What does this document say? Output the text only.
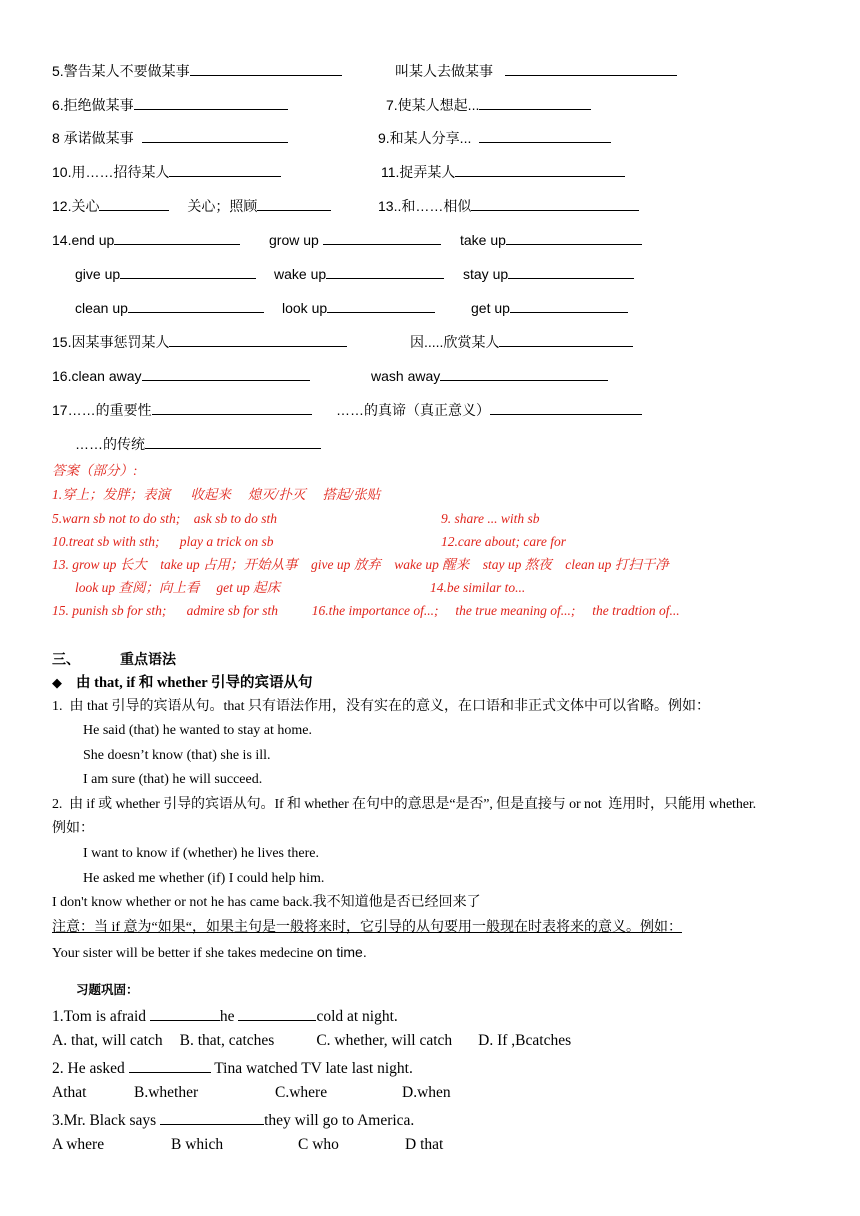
5.警告某人不要做某事	叫某人去做某事
6.拒绝做某事	7.使某人想起...
8 承诺做某事	9.和某人分享...
10.用……招待某人	11.捉弄某人
12.关心	关心；照顾	13..和……相似
14.end up	grow up	take up
give up	wake up	stay up
clean up	look up	get up
15.因某事惩罚某人	因.....欣赏某人
16.clean away	wash away
17……的重要性	……的真谛（真正意义）
……的传统
答案（部分）:
1.穿上；发胖；表演      收起来     熄灭/扑灭     搭起/张贴
5.warn sb not to do sth;    ask sb to do sth	9. share ... with sb
10.treat sb with sth;      play a trick on sb	12.care about; care for
13. grow up 长大    take up 占用；开始从事    give up 放弃    wake up 醒来    stay up 熬夜    clean up 打扫干净
look up 查阅；向上看     get up 起床	14.be similar to...
15. punish sb for sth;      admire sb for sth          16.the importance of...;     the true meaning of...;     the tradtion of...
三、	重点语法
◆ 由 that, if 和 whether 引导的宾语从句
1.  由 that 引导的宾语从句。that 只有语法作用，没有实在的意义，在口语和非正式文体中可以省略。例如：
He said (that) he wanted to stay at home.
She doesn’t know (that) she is ill.
I am sure (that) he will succeed.
2.  由 if 或 whether 引导的宾语从句。If 和 whether 在句中的意思是“是否”, 但是直接与 or not  连用时，只能用 whether.
例如：
I want to know if (whether) he lives there.
He asked me whether (if) I could help him.
I don't know whether or not he has came back.我不知道他是否已经回来了
注意：当 if 意为“如果“，如果主句是一般将来时，它引导的从句要用一般现在时表将来的意义。例如：
Your sister will be better if she takes medecine on time.
习题巩固：
1.Tom is afraid	he	cold at night.
A. that, will catch B. that, catches	C. whether, will catch D. If ,Bcatches
2. He asked	Tina watched TV late last night.
Athat	B.whether	C.where	D.when
3.Mr. Black says	they will go to America.
A where	B which	C who	D that
